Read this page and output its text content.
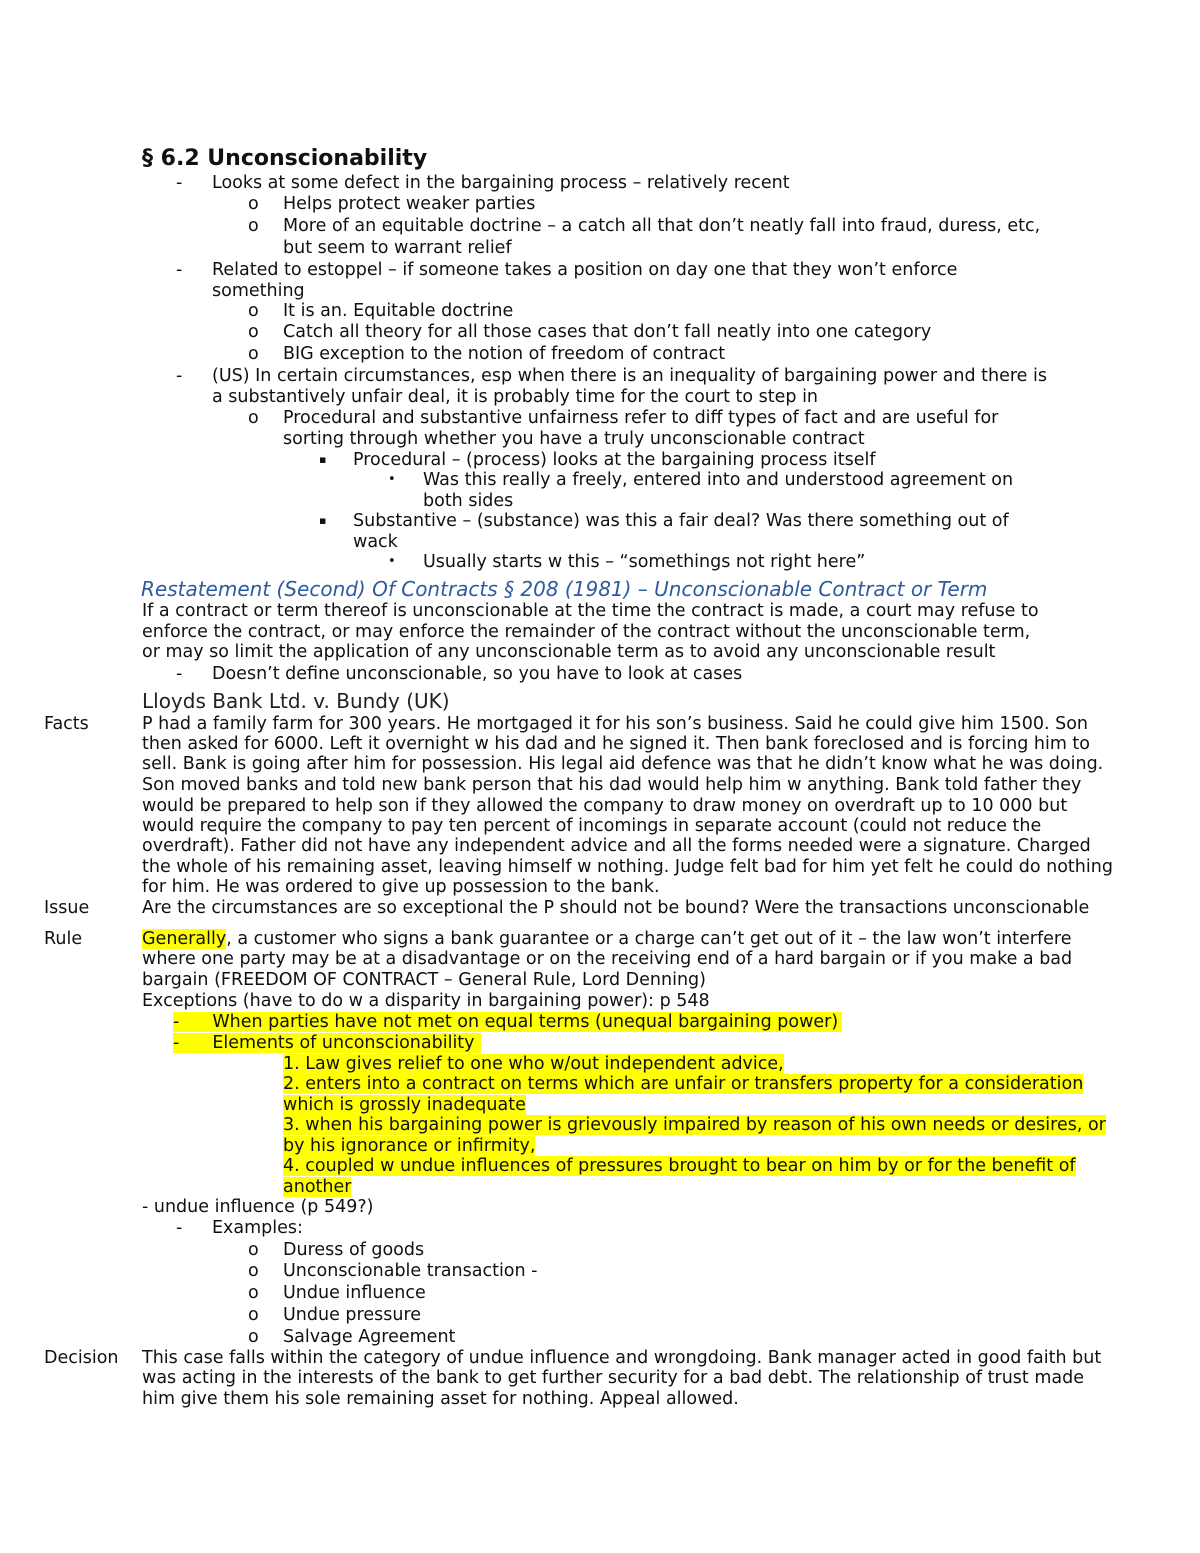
§ 6.2 Unconscionability
- Looks at some defect in the bargaining process – relatively recent
o Helps protect weaker parties
o More of an equitable doctrine – a catch all that don’t neatly fall into fraud, duress, etc,
but seem to warrant relief
- Related to estoppel – if someone takes a position on day one that they won’t enforce
something
o It is an. Equitable doctrine
o Catch all theory for all those cases that don’t fall neatly into one category
o BIG exception to the notion of freedom of contract
- (US) In certain circumstances, esp when there is an inequality of bargaining power and there is
a substantively unfair deal, it is probably time for the court to step in
o Procedural and substantive unfairness refer to diff types of fact and are useful for
sorting through whether you have a truly unconscionable contract
▪ Procedural – (process) looks at the bargaining process itself
• Was this really a freely, entered into and understood agreement on
both sides
▪ Substantive – (substance) was this a fair deal? Was there something out of
wack
• Usually starts w this – “somethings not right here”
Restatement (Second) Of Contracts § 208 (1981) – Unconscionable Contract or Term
If a contract or term thereof is unconscionable at the time the contract is made, a court may refuse to
enforce the contract, or may enforce the remainder of the contract without the unconscionable term,
or may so limit the application of any unconscionable term as to avoid any unconscionable result
- Doesn’t define unconscionable, so you have to look at cases
Lloyds Bank Ltd. v. Bundy (UK)
Facts	P had a family farm for 300 years. He mortgaged it for his son’s business. Said he could give him 1500. Son
then asked for 6000. Left it overnight w his dad and he signed it. Then bank foreclosed and is forcing him to
sell. Bank is going after him for possession. His legal aid defence was that he didn’t know what he was doing.
Son moved banks and told new bank person that his dad would help him w anything. Bank told father they
would be prepared to help son if they allowed the company to draw money on overdraft up to 10 000 but
would require the company to pay ten percent of incomings in separate account (could not reduce the
overdraft). Father did not have any independent advice and all the forms needed were a signature. Charged
the whole of his remaining asset, leaving himself w nothing. Judge felt bad for him yet felt he could do nothing
for him. He was ordered to give up possession to the bank.
Issue	Are the circumstances are so exceptional the P should not be bound? Were the transactions unconscionable
Rule	Generally, a customer who signs a bank guarantee or a charge can’t get out of it – the law won’t interfere
where one party may be at a disadvantage or on the receiving end of a hard bargain or if you make a bad
bargain (FREEDOM OF CONTRACT – General Rule, Lord Denning)
Exceptions (have to do w a disparity in bargaining power): p 548
- When parties have not met on equal terms (unequal bargaining power)
- Elements of unconscionability
1. Law gives relief to one who w/out independent advice,
2. enters into a contract on terms which are unfair or transfers property for a consideration
which is grossly inadequate
3. when his bargaining power is grievously impaired by reason of his own needs or desires, or
by his ignorance or infirmity,
4. coupled w undue influences of pressures brought to bear on him by or for the benefit of
another
- undue influence (p 549?)
- Examples:
o Duress of goods
o Unconscionable transaction -
o Undue influence
o Undue pressure
o Salvage Agreement
Decision This case falls within the category of undue influence and wrongdoing. Bank manager acted in good faith but
was acting in the interests of the bank to get further security for a bad debt. The relationship of trust made
him give them his sole remaining asset for nothing. Appeal allowed.
